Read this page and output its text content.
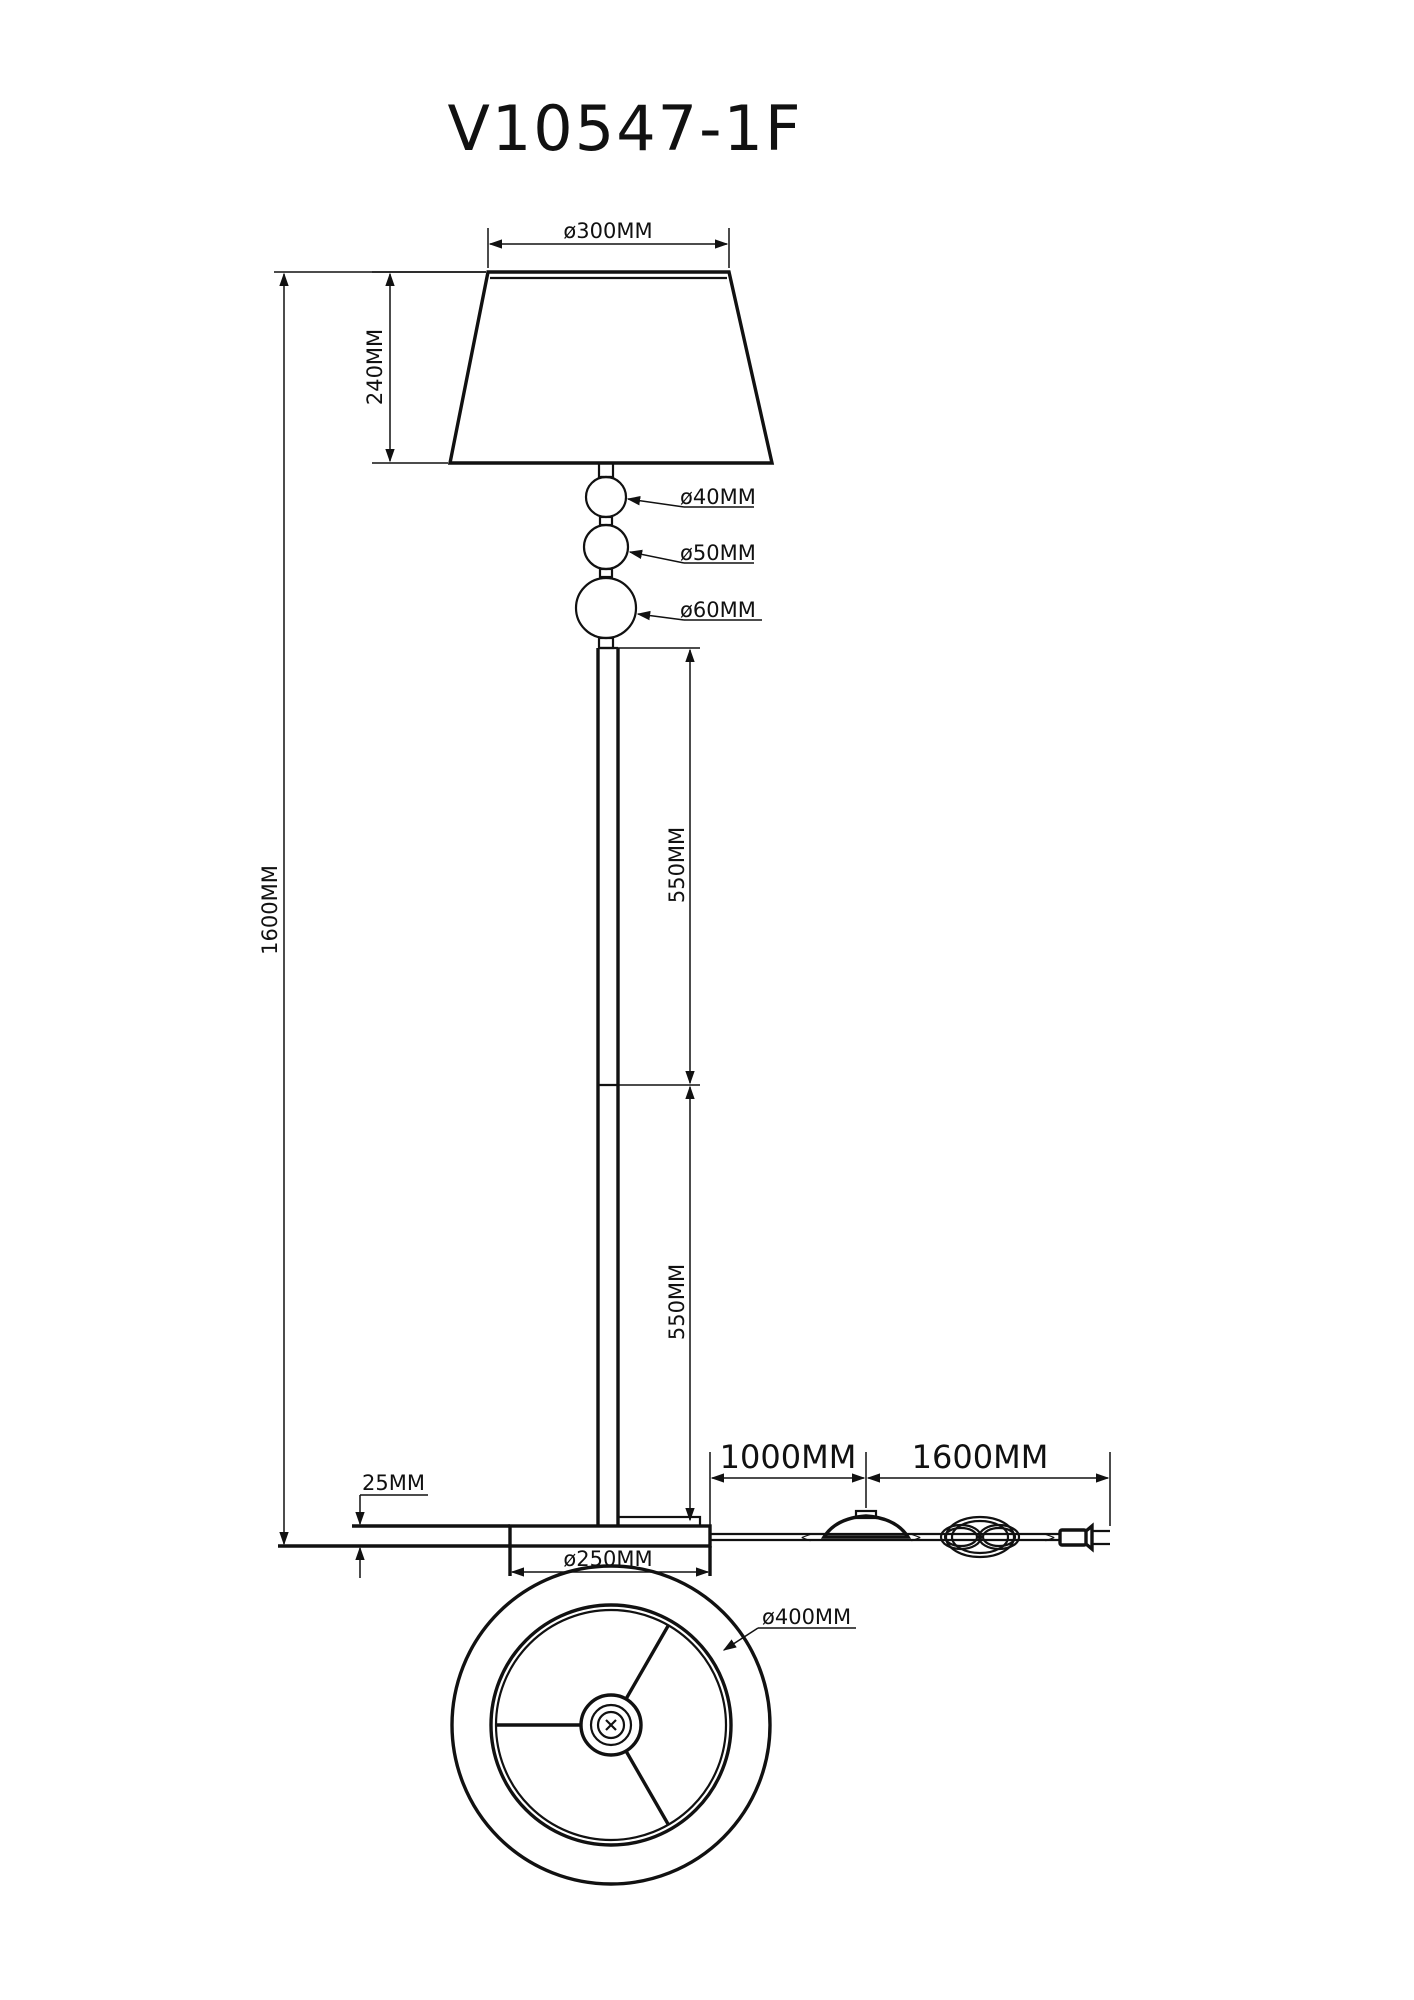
V10547-1F
ø300MM
240MM
ø40MM
ø50MM
ø60MM
550MM
550MM
1600MM
25MM
ø250MM
<	>	>
1000MM 1600MM
ø400MM
